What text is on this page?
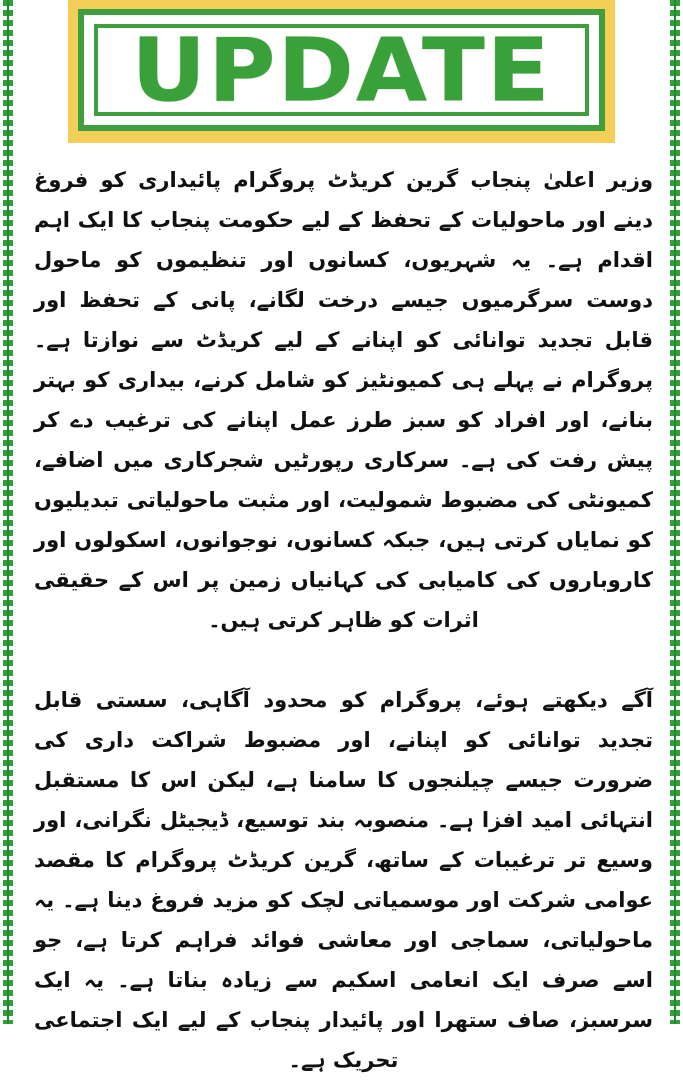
UPDATE

وزیر اعلیٰ پنجاب گرین کریڈٹ پروگرام پائیداری کو فروغ دینے اور ماحولیات کے تحفظ کے لیے حکومت پنجاب کا ایک اہم اقدام ہے۔ یہ شہریوں، کسانوں اور تنظیموں کو ماحول دوست سرگرمیوں جیسے درخت لگانے، پانی کے تحفظ اور قابل تجدید توانائی کو اپنانے کے لیے کریڈٹ سے نوازتا ہے۔ پروگرام نے پہلے ہی کمیونٹیز کو شامل کرنے، بیداری کو بہتر بنانے، اور افراد کو سبز طرز عمل اپنانے کی ترغیب دے کر پیش رفت کی ہے۔ سرکاری رپورٹیں شجرکاری میں اضافے، کمیونٹی کی مضبوط شمولیت، اور مثبت ماحولیاتی تبدیلیوں کو نمایاں کرتی ہیں، جبکہ کسانوں، نوجوانوں، اسکولوں اور کاروباروں کی کامیابی کی کہانیاں زمین پر اس کے حقیقی اثرات کو ظاہر کرتی ہیں۔

آگے دیکھتے ہوئے، پروگرام کو محدود آگاہی، سستی قابل تجدید توانائی کو اپنانے، اور مضبوط شراکت داری کی ضرورت جیسے چیلنجوں کا سامنا ہے، لیکن اس کا مستقبل انتہائی امید افزا ہے۔ منصوبہ بند توسیع، ڈیجیٹل نگرانی، اور وسیع تر ترغیبات کے ساتھ، گرین کریڈٹ پروگرام کا مقصد عوامی شرکت اور موسمیاتی لچک کو مزید فروغ دینا ہے۔ یہ ماحولیاتی، سماجی اور معاشی فوائد فراہم کرتا ہے، جو اسے صرف ایک انعامی اسکیم سے زیادہ بناتا ہے۔ یہ ایک سرسبز، صاف ستھرا اور پائیدار پنجاب کے لیے ایک اجتماعی تحریک ہے۔
